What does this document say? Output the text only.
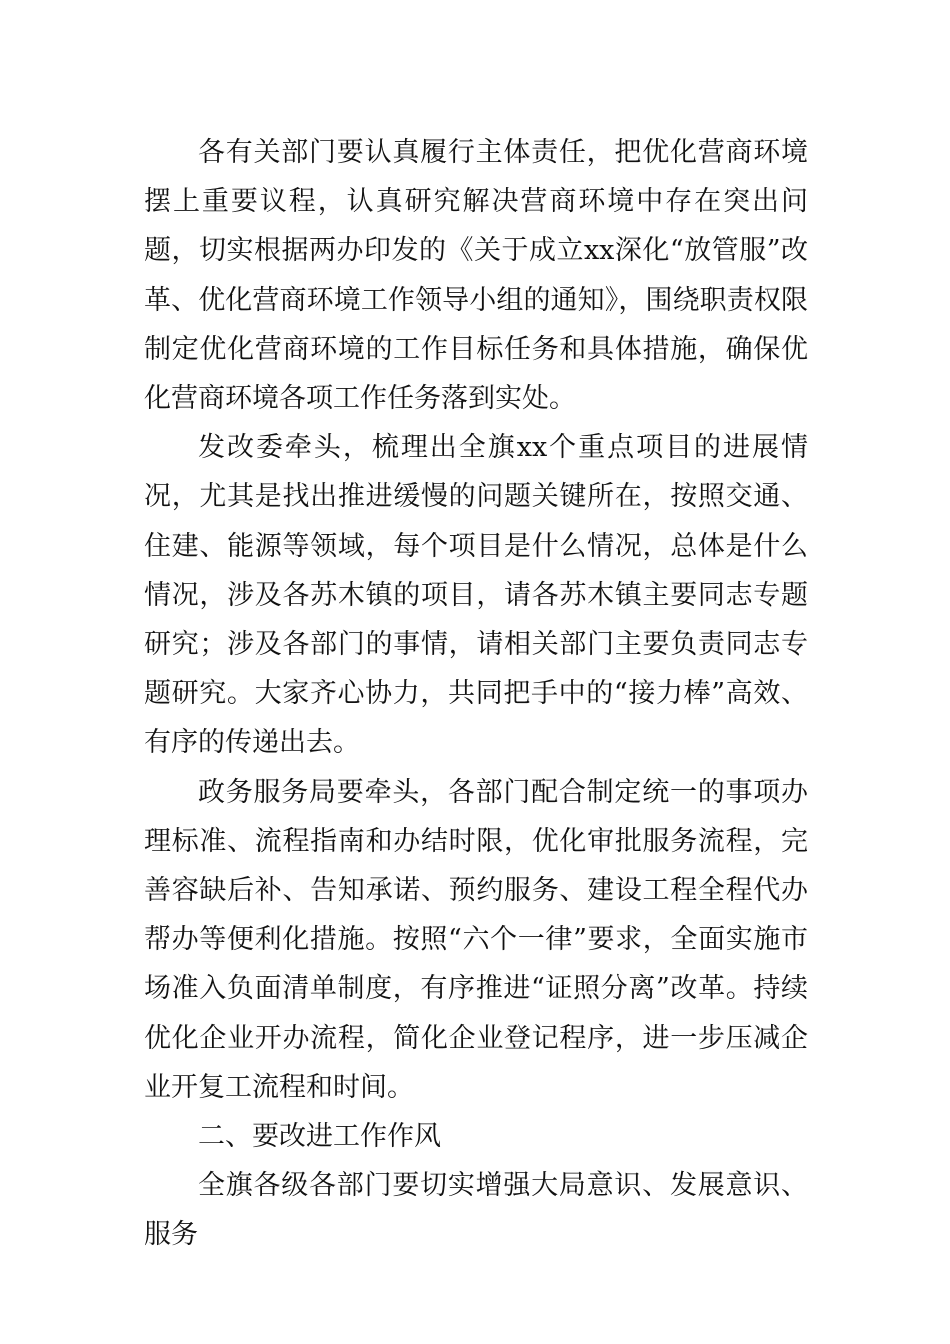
各有关部门要认真履行主体责任，把优化营商环境摆上重要议程，认真研究解决营商环境中存在突出问题，切实根据两办印发的《关于成立xx深化“放管服”改革、优化营商环境工作领导小组的通知》，围绕职责权限制定优化营商环境的工作目标任务和具体措施，确保优化营商环境各项工作任务落到实处。

发改委牵头，梳理出全旗xx个重点项目的进展情况，尤其是找出推进缓慢的问题关键所在，按照交通、住建、能源等领域，每个项目是什么情况，总体是什么情况，涉及各苏木镇的项目，请各苏木镇主要同志专题研究；涉及各部门的事情，请相关部门主要负责同志专题研究。大家齐心协力，共同把手中的“接力棒”高效、有序的传递出去。

政务服务局要牵头，各部门配合制定统一的事项办理标准、流程指南和办结时限，优化审批服务流程，完善容缺后补、告知承诺、预约服务、建设工程全程代办帮办等便利化措施。按照“六个一律”要求，全面实施市场准入负面清单制度，有序推进“证照分离”改革。持续优化企业开办流程，简化企业登记程序，进一步压减企业开复工流程和时间。

二、要改进工作作风

全旗各级各部门要切实增强大局意识、发展意识、服务
